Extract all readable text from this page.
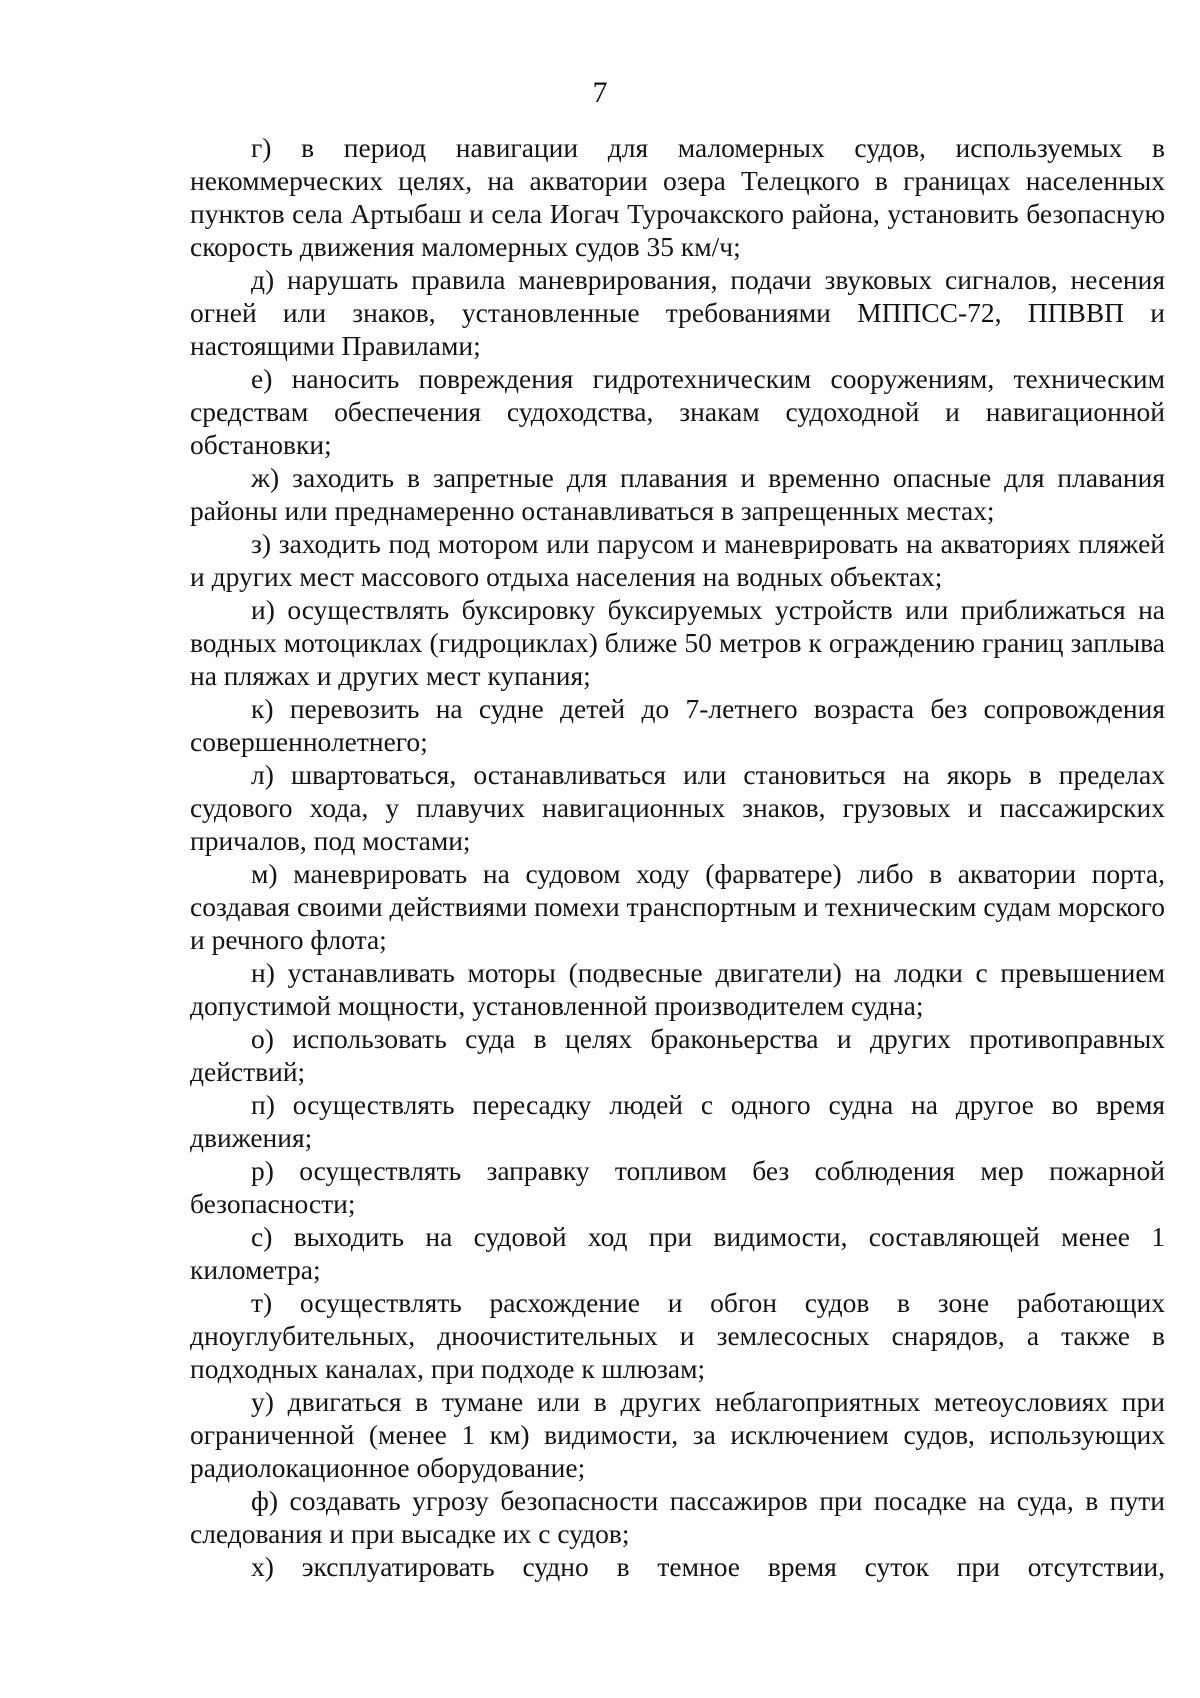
7

г) в период навигации для маломерных судов, используемых в некоммерческих целях, на акватории озера Телецкого в границах населенных пунктов села Артыбаш и села Иогач Турочакского района, установить безопасную скорость движения маломерных судов 35 км/ч;

д) нарушать правила маневрирования, подачи звуковых сигналов, несения огней или знаков, установленные требованиями МППСС-72, ППВВП и настоящими Правилами;

е) наносить повреждения гидротехническим сооружениям, техническим средствам обеспечения судоходства, знакам судоходной и навигационной обстановки;

ж) заходить в запретные для плавания и временно опасные для плавания районы или преднамеренно останавливаться в запрещенных местах;

з) заходить под мотором или парусом и маневрировать на акваториях пляжей и других мест массового отдыха населения на водных объектах;

и) осуществлять буксировку буксируемых устройств или приближаться на водных мотоциклах (гидроциклах) ближе 50 метров к ограждению границ заплыва на пляжах и других мест купания;

к) перевозить на судне детей до 7-летнего возраста без сопровождения совершеннолетнего;

л) швартоваться, останавливаться или становиться на якорь в пределах судового хода, у плавучих навигационных знаков, грузовых и пассажирских причалов, под мостами;

м) маневрировать на судовом ходу (фарватере) либо в акватории порта, создавая своими действиями помехи транспортным и техническим судам морского и речного флота;

н) устанавливать моторы (подвесные двигатели) на лодки с превышением допустимой мощности, установленной производителем судна;

о) использовать суда в целях браконьерства и других противоправных действий;

п) осуществлять пересадку людей с одного судна на другое во время движения;

р) осуществлять заправку топливом без соблюдения мер пожарной безопасности;

с) выходить на судовой ход при видимости, составляющей менее 1 километра;

т) осуществлять расхождение и обгон судов в зоне работающих дноуглубительных, дноочистительных и землесосных снарядов, а также в подходных каналах, при подходе к шлюзам;

у) двигаться в тумане или в других неблагоприятных метеоусловиях при ограниченной (менее 1 км) видимости, за исключением судов, использующих радиолокационное оборудование;

ф) создавать угрозу безопасности пассажиров при посадке на суда, в пути следования и при высадке их с судов;

х) эксплуатировать судно в темное время суток при отсутствии,
